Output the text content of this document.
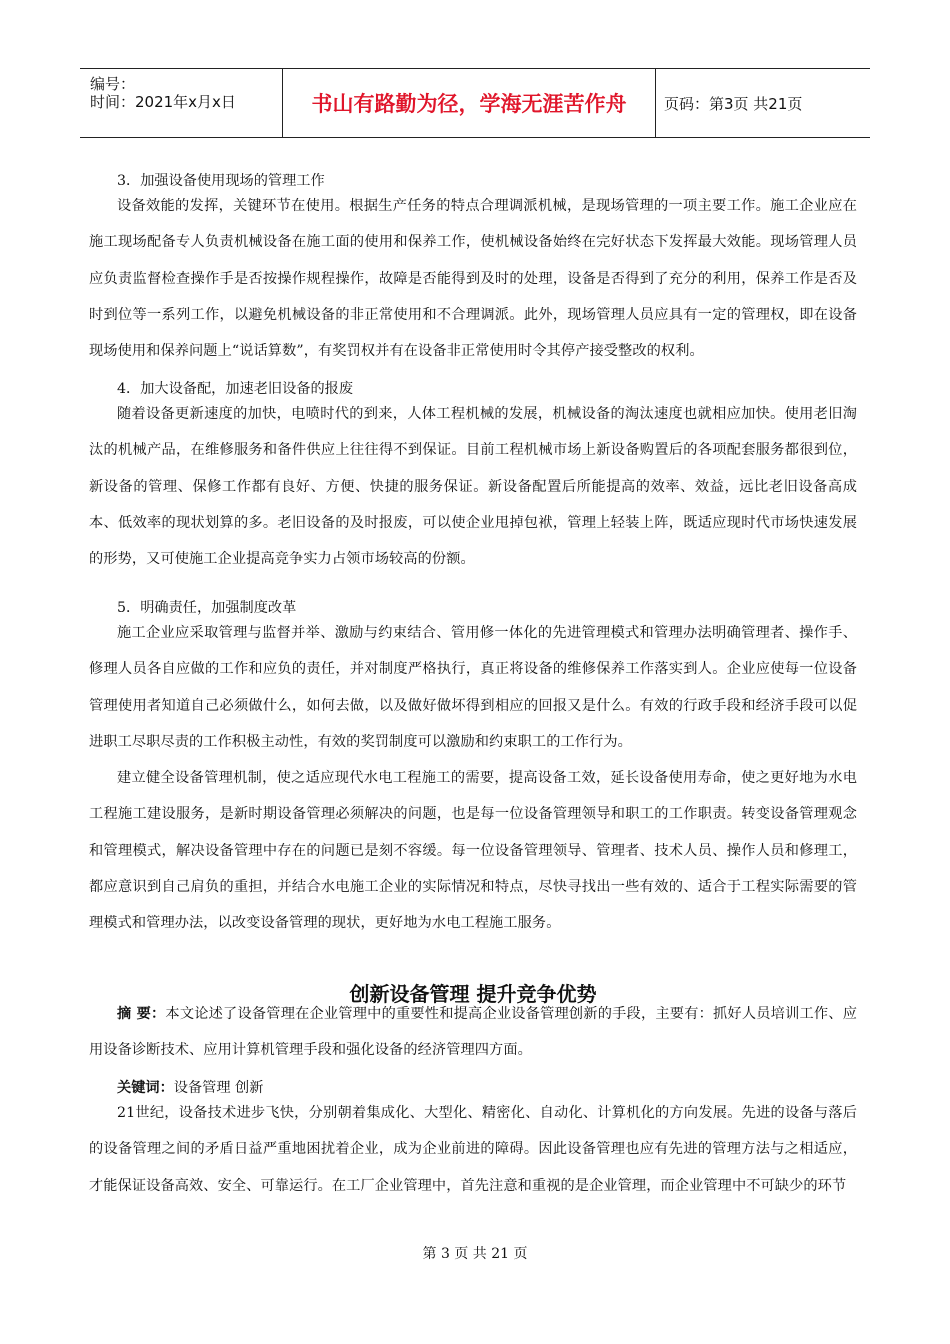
编号：
时间：2021年x月x日	书山有路勤为径，学海无涯苦作舟	页码：第3页 共21页
3．加强设备使用现场的管理工作
设备效能的发挥，关键环节在使用。根据生产任务的特点合理调派机械，是现场管理的一项主要工作。施工企业应在施工现场配备专人负责机械设备在施工面的使用和保养工作，使机械设备始终在完好状态下发挥最大效能。现场管理人员应负责监督检查操作手是否按操作规程操作，故障是否能得到及时的处理，设备是否得到了充分的利用，保养工作是否及时到位等一系列工作，以避免机械设备的非正常使用和不合理调派。此外，现场管理人员应具有一定的管理权，即在设备现场使用和保养问题上“说话算数”，有奖罚权并有在设备非正常使用时令其停产接受整改的权利。
4．加大设备配，加速老旧设备的报废
随着设备更新速度的加快，电喷时代的到来，人体工程机械的发展，机械设备的淘汰速度也就相应加快。使用老旧淘汰的机械产品，在维修服务和备件供应上往往得不到保证。目前工程机械市场上新设备购置后的各项配套服务都很到位，新设备的管理、保修工作都有良好、方便、快捷的服务保证。新设备配置后所能提高的效率、效益，远比老旧设备高成本、低效率的现状划算的多。老旧设备的及时报废，可以使企业甩掉包袱，管理上轻装上阵，既适应现时代市场快速发展的形势，又可使施工企业提高竞争实力占领市场较高的份额。
5．明确责任，加强制度改革
施工企业应采取管理与监督并举、激励与约束结合、管用修一体化的先进管理模式和管理办法明确管理者、操作手、修理人员各自应做的工作和应负的责任，并对制度严格执行，真正将设备的维修保养工作落实到人。企业应使每一位设备管理使用者知道自己必须做什么，如何去做，以及做好做坏得到相应的回报又是什么。有效的行政手段和经济手段可以促进职工尽职尽责的工作积极主动性，有效的奖罚制度可以激励和约束职工的工作行为。
建立健全设备管理机制，使之适应现代水电工程施工的需要，提高设备工效，延长设备使用寿命，使之更好地为水电工程施工建设服务，是新时期设备管理必须解决的问题，也是每一位设备管理领导和职工的工作职责。转变设备管理观念和管理模式，解决设备管理中存在的问题已是刻不容缓。每一位设备管理领导、管理者、技术人员、操作人员和修理工，都应意识到自己肩负的重担，并结合水电施工企业的实际情况和特点，尽快寻找出一些有效的、适合于工程实际需要的管理模式和管理办法，以改变设备管理的现状，更好地为水电工程施工服务。
创新设备管理 提升竞争优势
摘 要：本文论述了设备管理在企业管理中的重要性和提高企业设备管理创新的手段，主要有：抓好人员培训工作、应用设备诊断技术、应用计算机管理手段和强化设备的经济管理四方面。
关键词：设备管理 创新
21世纪，设备技术进步飞快，分别朝着集成化、大型化、精密化、自动化、计算机化的方向发展。先进的设备与落后的设备管理之间的矛盾日益严重地困扰着企业，成为企业前进的障碍。因此设备管理也应有先进的管理方法与之相适应，才能保证设备高效、安全、可靠运行。在工厂企业管理中，首先注意和重视的是企业管理，而企业管理中不可缺少的环节
第 3 页 共 21 页
